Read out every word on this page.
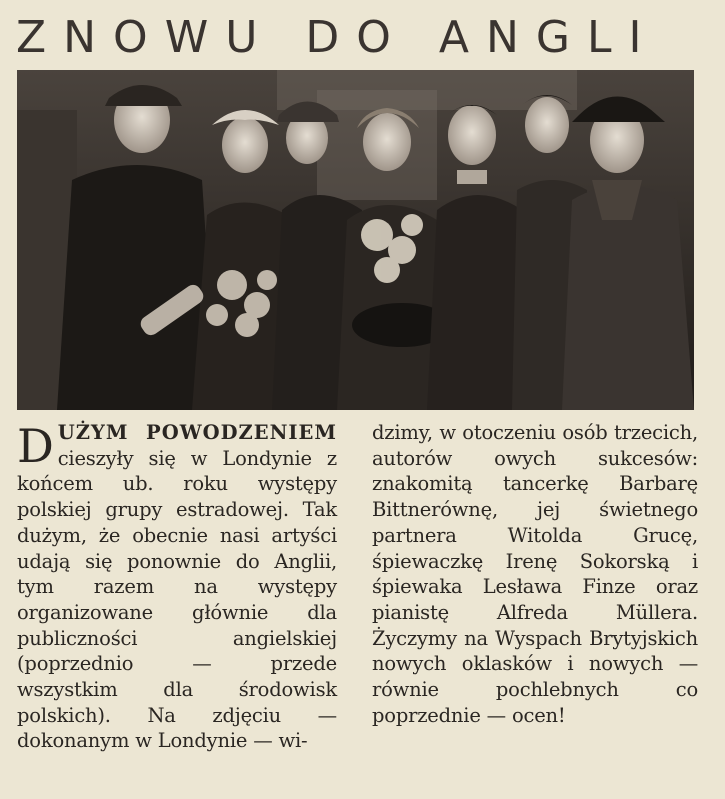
ZNOWU DO ANGLI

DUŻYM POWODZENIEM cieszyły się w Londynie z końcem ub. roku występy polskiej grupy estradowej. Tak dużym, że obecnie nasi artyści udają się ponownie do Anglii, tym razem na występy organizowane głównie dla publiczności angielskiej (poprzednio — przede wszystkim dla środowisk polskich). Na zdjęciu — dokonanym w Londynie — wi-

dzimy, w otoczeniu osób trzecich, autorów owych sukcesów: znakomitą tancerkę Barbarę Bittnerównę, jej świetnego partnera Witolda Grucę, śpiewaczkę Irenę Sokorską i śpiewaka Lesława Finze oraz pianistę Alfreda Müllera. Życzymy na Wyspach Brytyjskich nowych oklasków i nowych — równie pochlebnych co poprzednie — ocen!
